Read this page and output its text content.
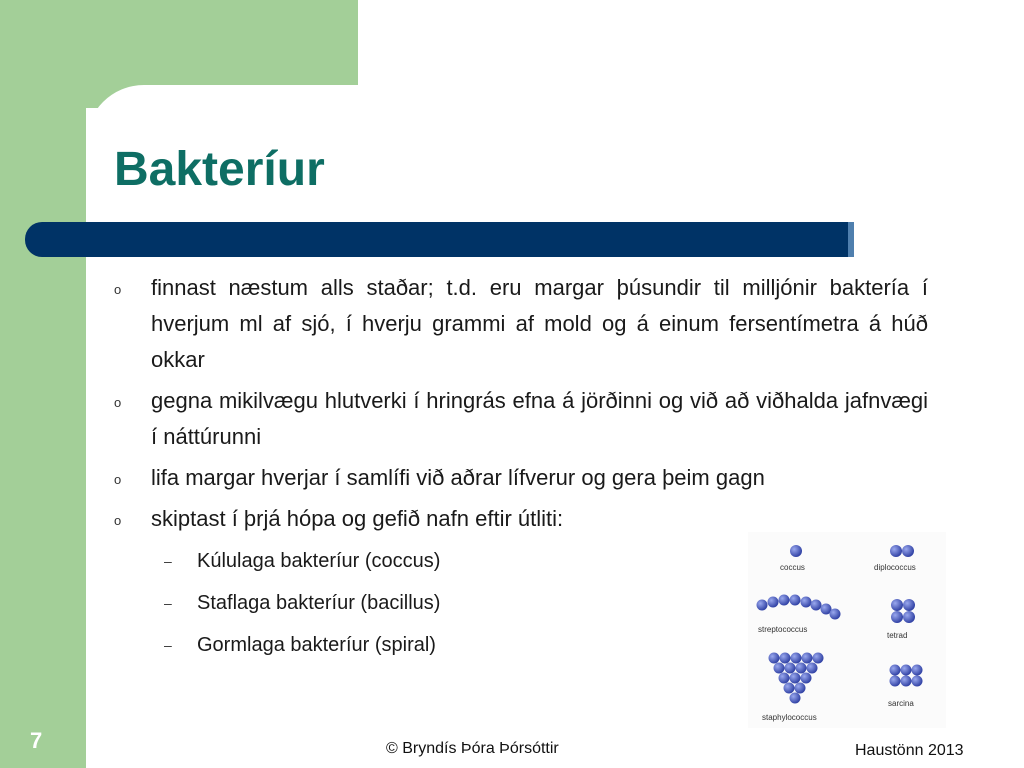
Bakteríur
o finnast næstum alls staðar; t.d. eru margar þúsundir til milljónir baktería í hverjum ml af sjó, í hverju grammi af mold og á einum fersentímetra á húð okkar
o gegna mikilvægu hlutverki í hringrás efna á jörðinni og við að viðhalda jafnvægi í náttúrunni
o lifa margar hverjar í samlífi við aðrar lífverur og gera þeim gagn
o skiptast í þrjá hópa og gefið nafn eftir útliti:
– Kúlulaga bakteríur (coccus)
– Staflaga bakteríur (bacillus)
– Gormlaga bakteríur (spiral)
coccus	diplococcus
streptococcus
tetrad
staphylococcus
sarcina
7	© Bryndís Þóra Þórsóttir	Haustönn 2013
